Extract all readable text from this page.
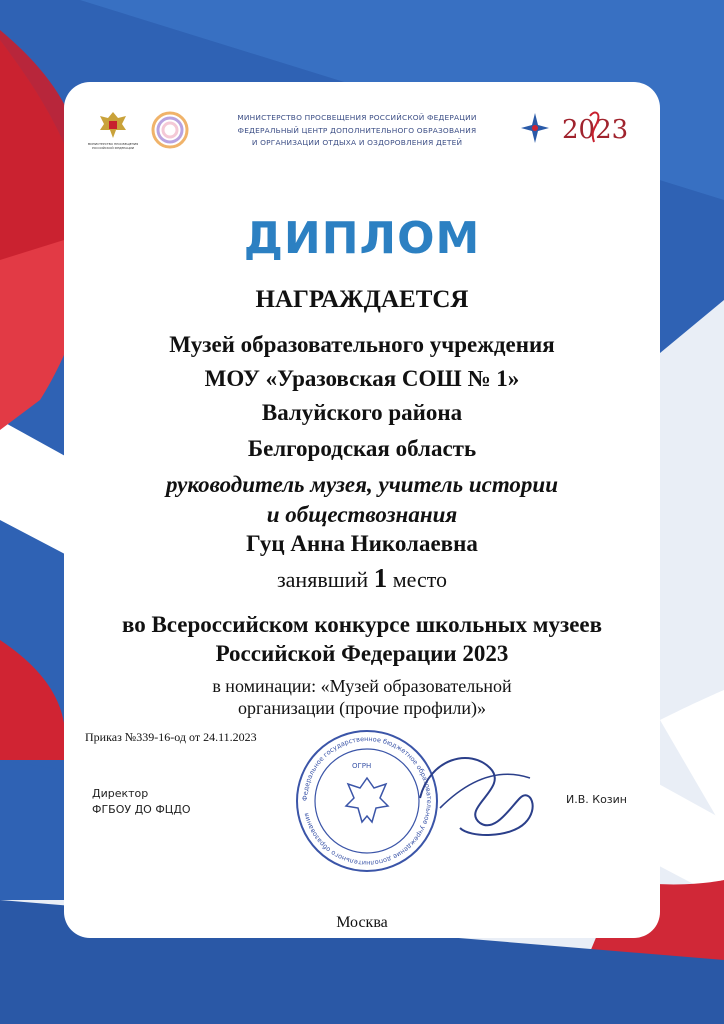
МИНИСТЕРСТВО ПРОСВЕЩЕНИЯ РОССИЙСКОЙ ФЕДЕРАЦИИ
МИНИСТЕРСТВО ПРОСВЕЩЕНИЯ РОССИЙСКОЙ ФЕДЕРАЦИИ
ФЕДЕРАЛЬНЫЙ ЦЕНТР ДОПОЛНИТЕЛЬНОГО ОБРАЗОВАНИЯ
И ОРГАНИЗАЦИИ ОТДЫХА И ОЗДОРОВЛЕНИЯ ДЕТЕЙ	2023
ДИПЛОМ
НАГРАЖДАЕТСЯ
Музей образовательного учреждения
МОУ «Уразовская СОШ № 1»
Валуйского района
Белгородская область
руководитель музея, учитель истории
и обществознания
Гуц Анна Николаевна
занявший 1 место
во Всероссийском конкурсе школьных музеев
Российской Федерации 2023
в номинации: «Музей образовательной
организации (прочие профили)»
Приказ №339-16-од от 24.11.2023
Директор
ФГБОУ ДО ФЦДО
И.В. Козин
Федеральное государственное бюджетное образовательное учреждение дополнительного образования
ОГРН
Москва
